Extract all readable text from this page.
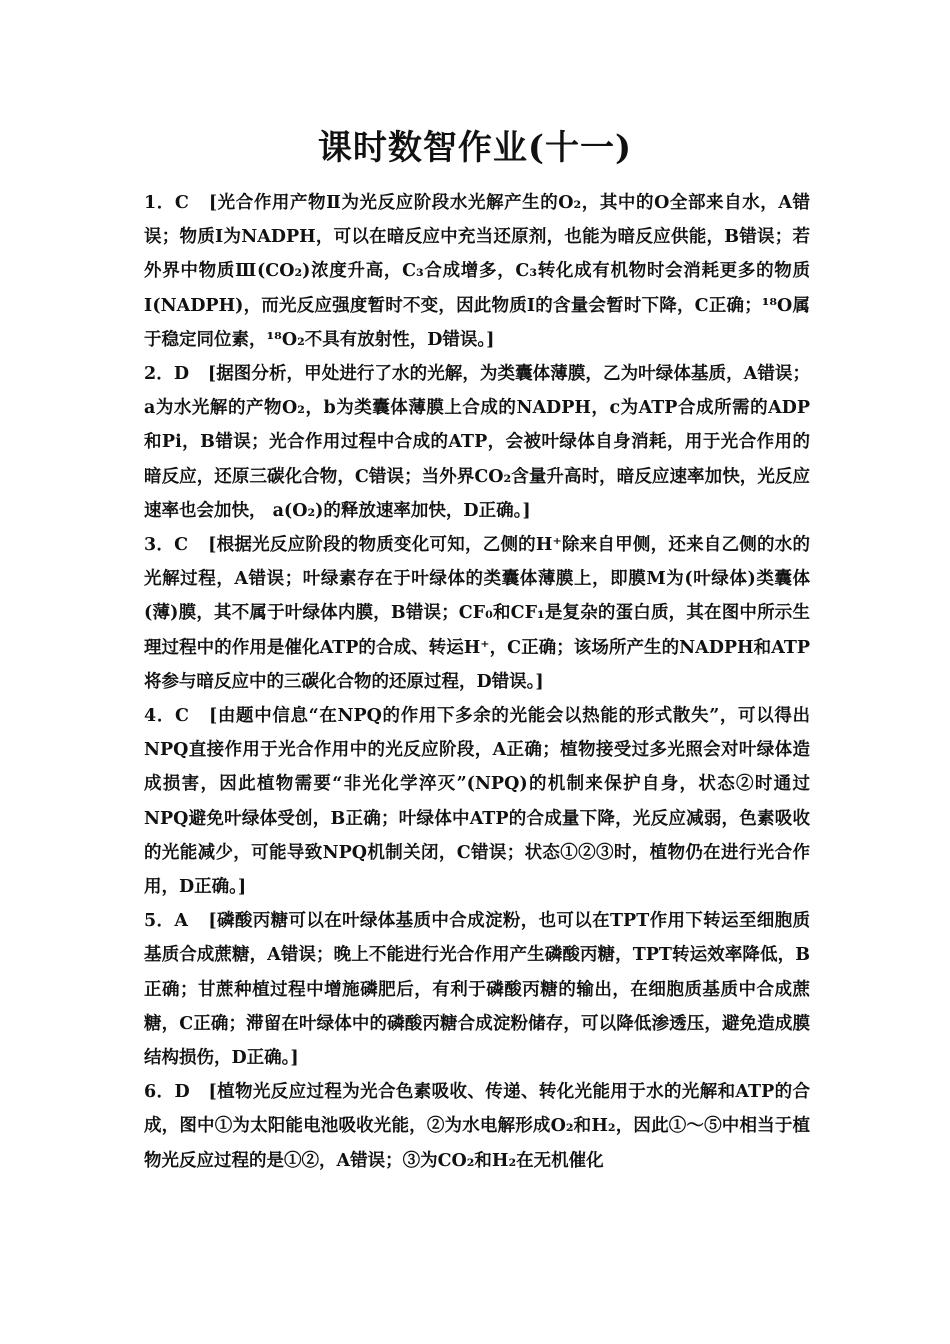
课时数智作业(十一)

1．C [光合作用产物Ⅱ为光反应阶段水光解产生的O₂，其中的O全部来自水，A错误；物质Ⅰ为NADPH，可以在暗反应中充当还原剂，也能为暗反应供能，B错误；若外界中物质Ⅲ(CO₂)浓度升高，C₃合成增多，C₃转化成有机物时会消耗更多的物质Ⅰ(NADPH)，而光反应强度暂时不变，因此物质Ⅰ的含量会暂时下降，C正确；¹⁸O属于稳定同位素，¹⁸O₂不具有放射性，D错误。]

2．D [据图分析，甲处进行了水的光解，为类囊体薄膜，乙为叶绿体基质，A错误；a为水光解的产物O₂，b为类囊体薄膜上合成的NADPH，c为ATP合成所需的ADP和Pi，B错误；光合作用过程中合成的ATP，会被叶绿体自身消耗，用于光合作用的暗反应，还原三碳化合物，C错误；当外界CO₂含量升高时，暗反应速率加快，光反应速率也会加快， a(O₂)的释放速率加快，D正确。]

3．C [根据光反应阶段的物质变化可知，乙侧的H⁺除来自甲侧，还来自乙侧的水的光解过程，A错误；叶绿素存在于叶绿体的类囊体薄膜上，即膜M为(叶绿体)类囊体(薄)膜，其不属于叶绿体内膜，B错误；CF₀和CF₁是复杂的蛋白质，其在图中所示生理过程中的作用是催化ATP的合成、转运H⁺，C正确；该场所产生的NADPH和ATP将参与暗反应中的三碳化合物的还原过程，D错误。]

4．C [由题中信息“在NPQ的作用下多余的光能会以热能的形式散失”，可以得出NPQ直接作用于光合作用中的光反应阶段，A正确；植物接受过多光照会对叶绿体造成损害，因此植物需要“非光化学淬灭”(NPQ)的机制来保护自身，状态②时通过NPQ避免叶绿体受创，B正确；叶绿体中ATP的合成量下降，光反应减弱，色素吸收的光能减少，可能导致NPQ机制关闭，C错误；状态①②③时，植物仍在进行光合作用，D正确。]

5．A [磷酸丙糖可以在叶绿体基质中合成淀粉，也可以在TPT作用下转运至细胞质基质合成蔗糖，A错误；晚上不能进行光合作用产生磷酸丙糖，TPT转运效率降低，B正确；甘蔗种植过程中增施磷肥后，有利于磷酸丙糖的输出，在细胞质基质中合成蔗糖，C正确；滞留在叶绿体中的磷酸丙糖合成淀粉储存，可以降低渗透压，避免造成膜结构损伤，D正确。]

6．D [植物光反应过程为光合色素吸收、传递、转化光能用于水的光解和ATP的合成，图中①为太阳能电池吸收光能，②为水电解形成O₂和H₂，因此①～⑤中相当于植物光反应过程的是①②，A错误；③为CO₂和H₂在无机催化
